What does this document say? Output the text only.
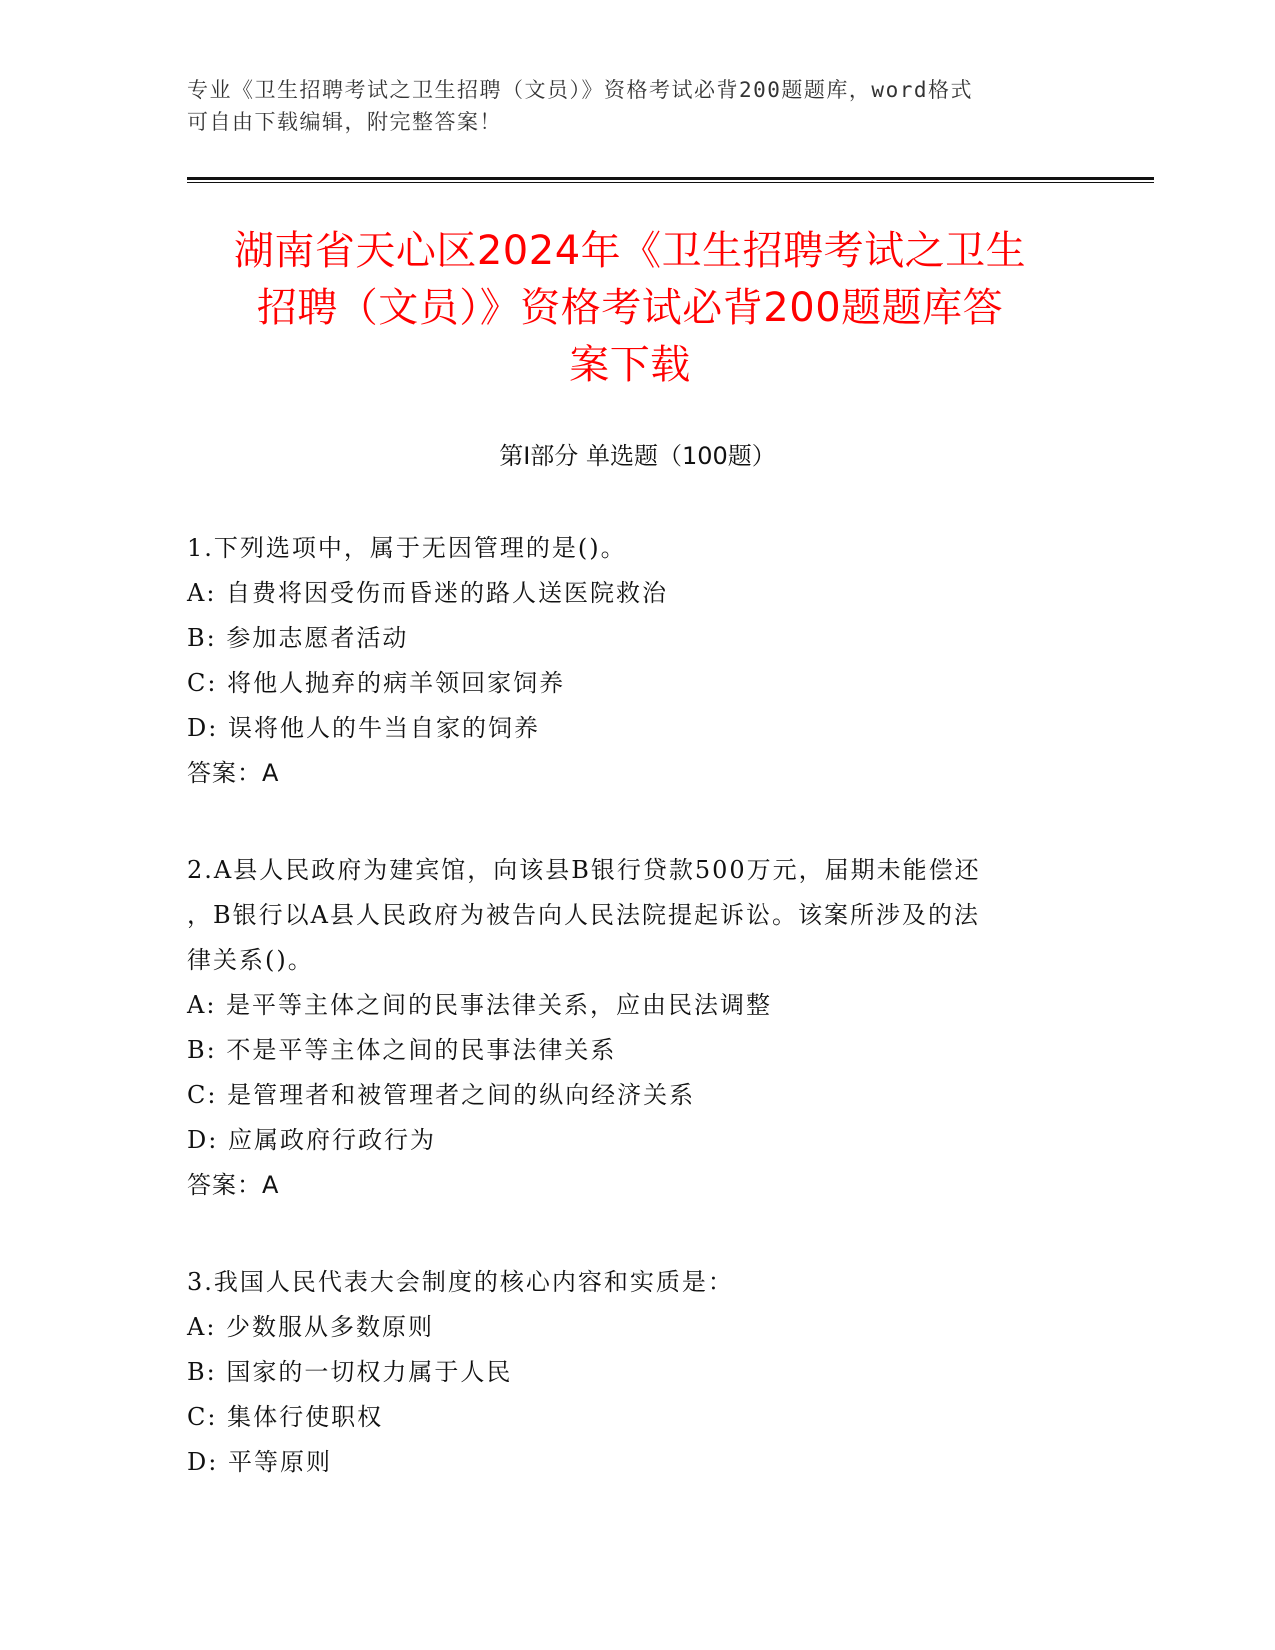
专业《卫生招聘考试之卫生招聘（文员）》资格考试必背200题题库，word格式
可自由下载编辑，附完整答案！
湖南省天心区2024年《卫生招聘考试之卫生
招聘（文员）》资格考试必背200题题库答
案下载
第I部分 单选题（100题）
1.下列选项中，属于无因管理的是()。
A: 自费将因受伤而昏迷的路人送医院救治
B: 参加志愿者活动
C: 将他人抛弃的病羊领回家饲养
D: 误将他人的牛当自家的饲养
答案：A
2.A县人民政府为建宾馆，向该县B银行贷款500万元，届期未能偿还
，B银行以A县人民政府为被告向人民法院提起诉讼。该案所涉及的法
律关系()。
A: 是平等主体之间的民事法律关系，应由民法调整
B: 不是平等主体之间的民事法律关系
C: 是管理者和被管理者之间的纵向经济关系
D: 应属政府行政行为
答案：A
3.我国人民代表大会制度的核心内容和实质是：
A: 少数服从多数原则
B: 国家的一切权力属于人民
C: 集体行使职权
D: 平等原则
